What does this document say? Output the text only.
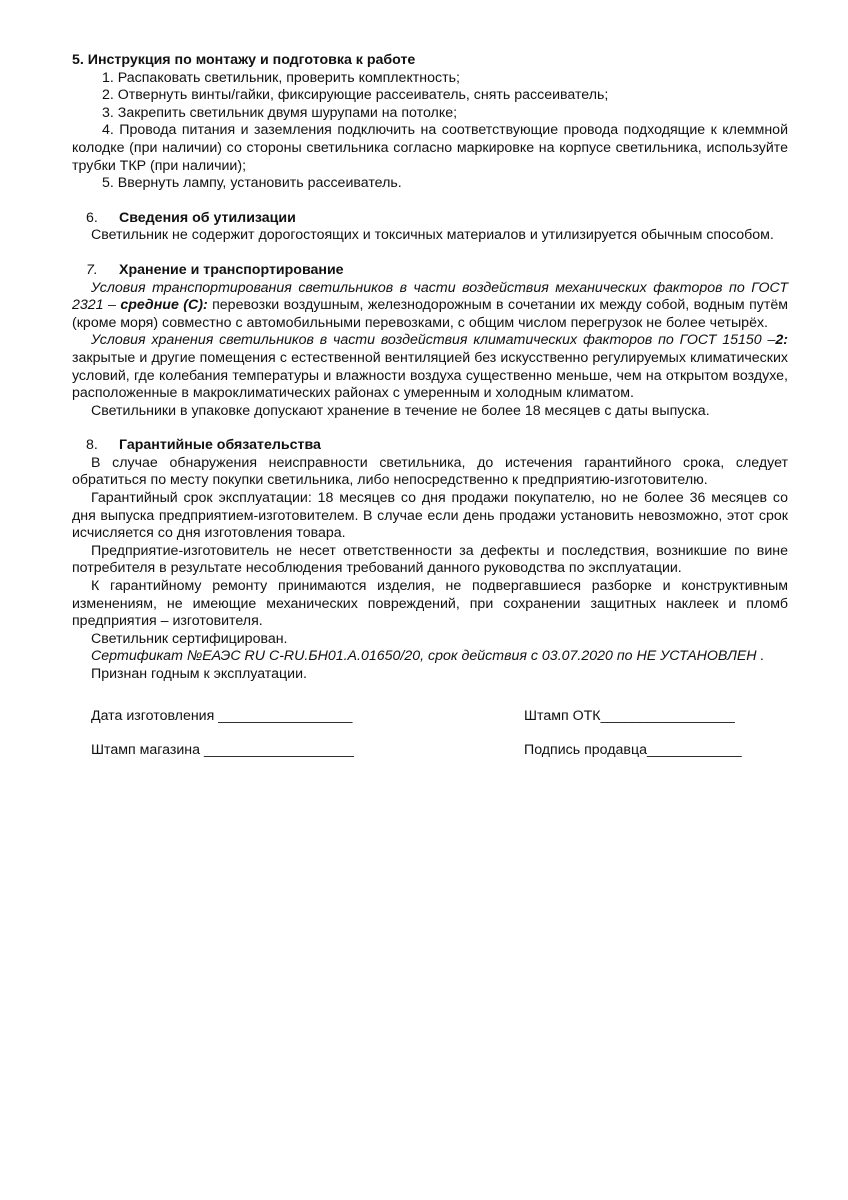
5. Инструкция по монтажу и подготовка к работе

1. Распаковать светильник, проверить комплектность;

2. Отвернуть винты/гайки, фиксирующие рассеиватель, снять рассеиватель;

3. Закрепить светильник двумя шурупами на потолке;

4. Провода питания и заземления подключить на соответствующие провода подходящие к клеммной колодке (при наличии) со стороны светильника согласно маркировке на корпусе светильника, используйте трубки ТКР (при наличии);

5. Ввернуть лампу, установить рассеиватель.

6. Сведения об утилизации

Светильник не содержит дорогостоящих и токсичных материалов и утилизируется обычным способом.

7. Хранение и транспортирование

Условия транспортирования светильников в части воздействия механических факторов по ГОСТ 2321 – средние (С): перевозки воздушным, железнодорожным в сочетании их между собой, водным путём (кроме моря) совместно с автомобильными перевозками, с общим числом перегрузок не более четырёх.

Условия хранения светильников в части воздействия климатических факторов по ГОСТ 15150 –2: закрытые и другие помещения с естественной вентиляцией без искусственно регулируемых климатических условий, где колебания температуры и влажности воздуха существенно меньше, чем на открытом воздухе, расположенные в макроклиматических районах с умеренным и холодным климатом.

Светильники в упаковке допускают хранение в течение не более 18 месяцев с даты выпуска.

8. Гарантийные обязательства

В случае обнаружения неисправности светильника, до истечения гарантийного срока, следует обратиться по месту покупки светильника, либо непосредственно к предприятию-изготовителю.

Гарантийный срок эксплуатации: 18 месяцев со дня продажи покупателю, но не более 36 месяцев со дня выпуска предприятием-изготовителем. В случае если день продажи установить невозможно, этот срок исчисляется со дня изготовления товара.

Предприятие-изготовитель не несет ответственности за дефекты и последствия, возникшие по вине потребителя в результате несоблюдения требований данного руководства по эксплуатации.

К гарантийному ремонту принимаются изделия, не подвергавшиеся разборке и конструктивным изменениям, не имеющие механических повреждений, при сохранении защитных наклеек и пломб предприятия – изготовителя.

Светильник сертифицирован.

Сертификат №ЕАЭС RU С-RU.БН01.А.01650/20, срок действия с 03.07.2020 по НЕ УСТАНОВЛЕН .

Признан годным к эксплуатации.

Дата изготовления _________________	Штамп ОТК_________________
Штамп магазина ___________________	Подпись продавца____________
